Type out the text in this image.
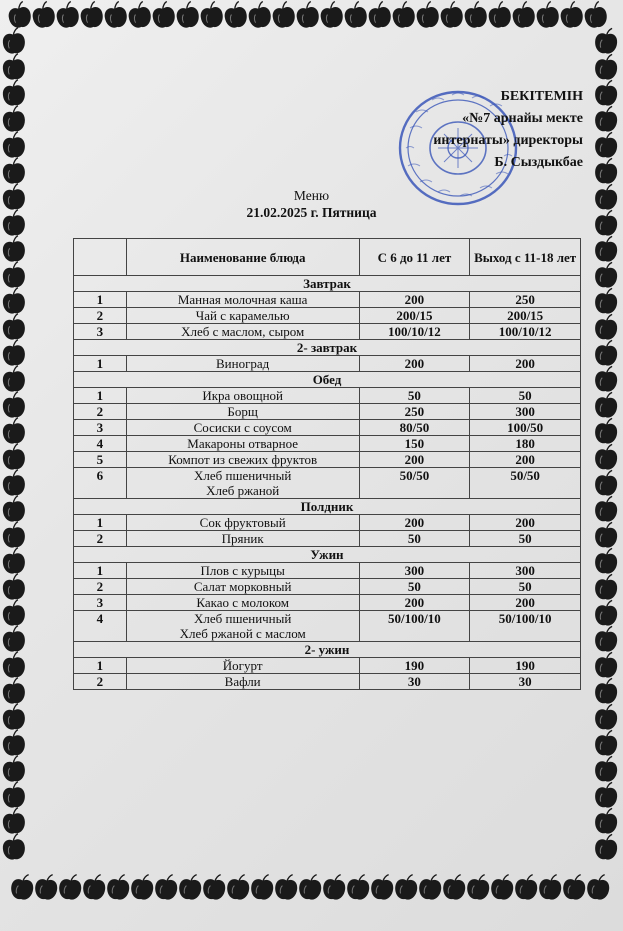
БЕКІТЕМІН
«№7 арнайы мекте
интернаты» директоры
Б. Сыздыкбае
Меню
21.02.2025 г. Пятница
	Наименование блюда	С 6 до 11 лет	Выход с 11-18 лет
Завтрак			
1	Манная молочная каша	200	250
2	Чай с карамелью	200/15	200/15
3	Хлеб с маслом, сыром	100/10/12	100/10/12
2- завтрак			
1	Виноград	200	200
Обед			
1	Икра овощной	50	50
2	Борщ	250	300
3	Сосиски с соусом	80/50	100/50
4	Макароны отварное	150	180
5	Компот из свежих фруктов	200	200
6	Хлеб пшеничный
Хлеб ржаной	50/50	50/50
Полдник			
1	Сок фруктовый	200	200
2	Пряник	50	50
Ужин			
1	Плов с курыцы	300	300
2	Салат морковный	50	50
3	Какао с молоком	200	200
4	Хлеб пшеничный
Хлеб ржаной с маслом	50/100/10	50/100/10
2- ужин			
1	Йогурт	190	190
2	Вафли	30	30
